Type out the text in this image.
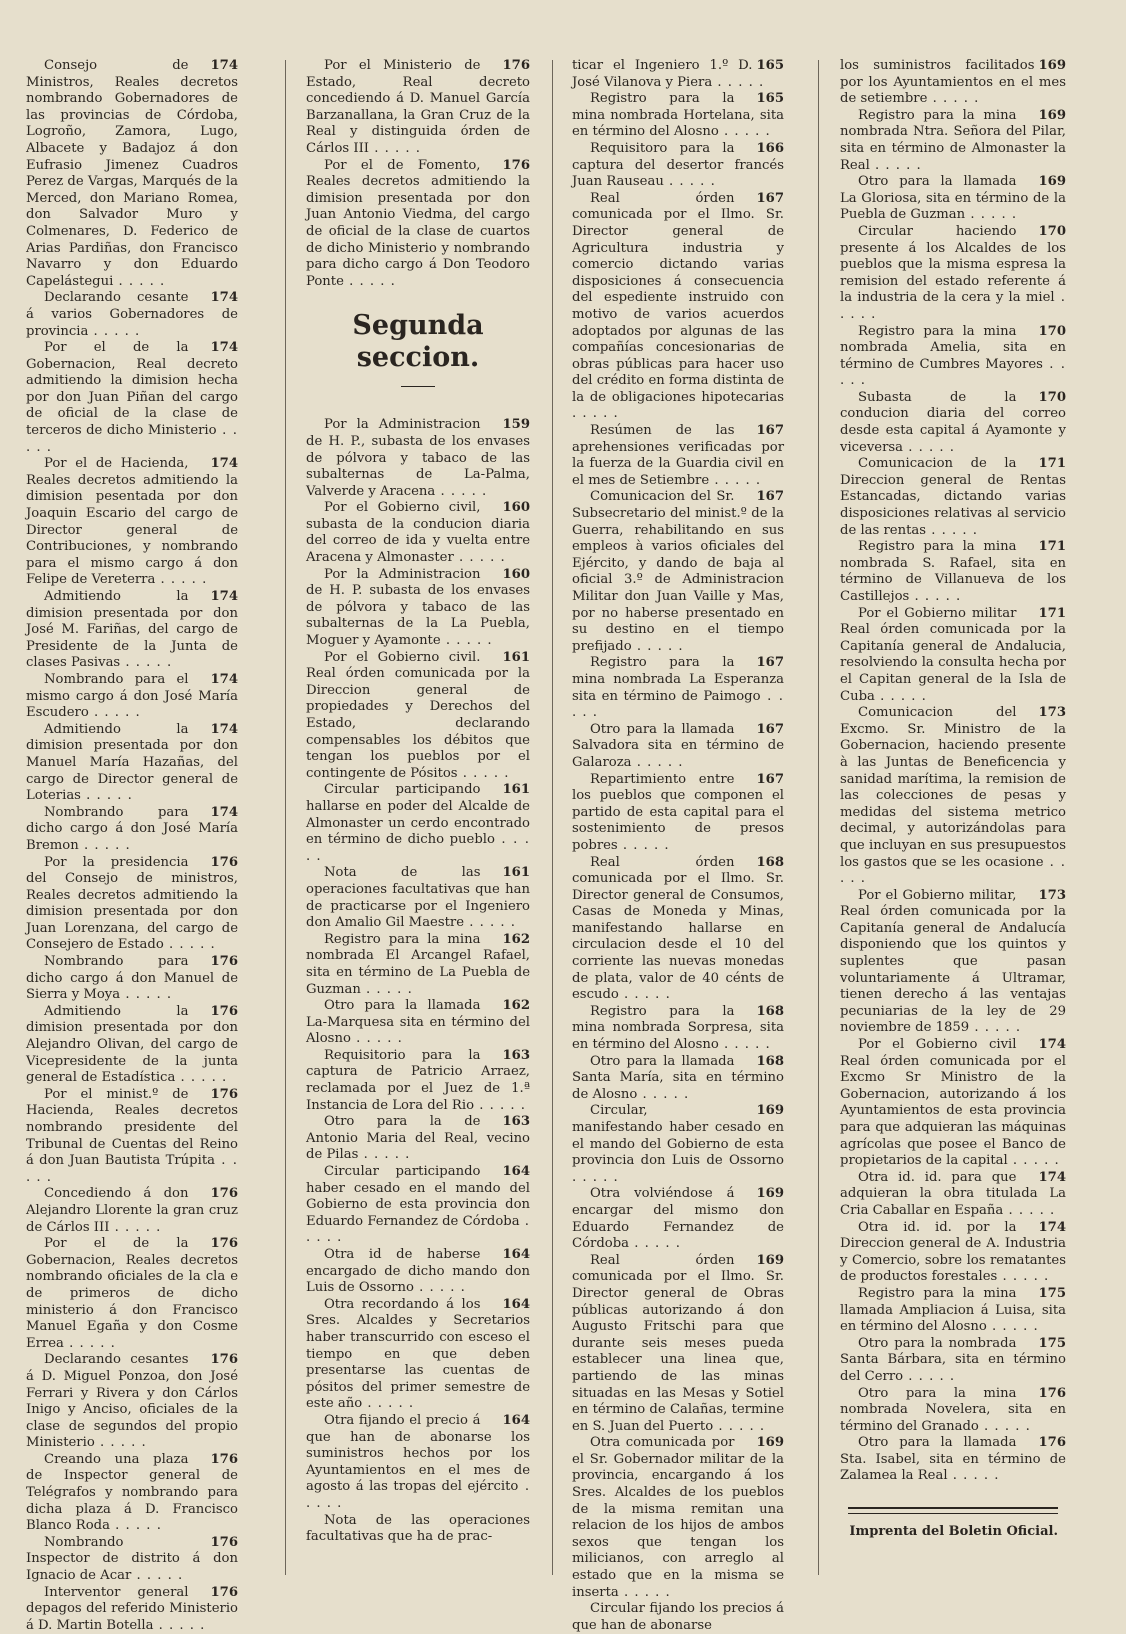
174
Consejo de Ministros, Reales decretos nombrando Gobernadores de las provincias de Córdoba, Logroño, Zamora, Lugo, Albacete y Badajoz á don Eufrasio Jimenez Cuadros Perez de Vargas, Marqués de la Merced, don Mariano Romea, don Salvador Muro y Colmenares, D. Federico de Arias Pardiñas, don Francisco Navarro y don Eduardo Capelástegui . . .

174
Declarando cesante á varios Gobernadores de provincia . . .

174
Por el de la Gobernacion, Real decreto admitiendo la dimision hecha por don Juan Piñan del cargo de oficial de la clase de terceros de dicho Ministerio . . .

174
Por el de Hacienda, Reales decretos admitiendo la dimision pesentada por don Joaquin Escario del cargo de Director general de Contribuciones, y nombrando para el mismo cargo á don Felipe de Vereterra . . .

174
Admitiendo la dimision presentada por don José M. Fariñas, del cargo de Presidente de la Junta de clases Pasivas . . .

174
Nombrando para el mismo cargo á don José María Escudero . . .

174
Admitiendo la dimision presentada por don Manuel María Hazañas, del cargo de Director general de Loterias . . .

174
Nombrando para dicho cargo á don José María Bremon . . .

176
Por la presidencia del Consejo de ministros, Reales decretos admitiendo la dimision presentada por don Juan Lorenzana, del cargo de Consejero de Estado . . .

176
Nombrando para dicho cargo á don Manuel de Sierra y Moya . . .

176
Admitiendo la dimision presentada por don Alejandro Olivan, del cargo de Vicepresidente de la junta general de Estadística . . .

176
Por el minist.º de Hacienda, Reales decretos nombrando presidente del Tribunal de Cuentas del Reino á don Juan Bautista Trúpita . . .

176
Concediendo á don Alejandro Llorente la gran cruz de Cárlos III . . .

176
Por el de la Gobernacion, Reales decretos nombrando oficiales de la cla e de primeros de dicho ministerio á don Francisco Manuel Egaña y don Cosme Errea . . .

176
Declarando cesantes á D. Miguel Ponzoa, don José Ferrari y Rivera y don Cárlos Inigo y Anciso, oficiales de la clase de segundos del propio Ministerio . . .

176
Creando una plaza de Inspector general de Telégrafos y nombrando para dicha plaza á D. Francisco Blanco Roda . . .

176
Nombrando Inspector de distrito á don Ignacio de Acar . . .

176
Interventor general depagos del referido Ministerio á D. Martin Botella . . .

176
Por el Ministerio de Estado, Real decreto concediendo á D. Manuel García Barzanallana, la Gran Cruz de la Real y distinguida órden de Cárlos III . . .

176
Por el de Fomento, Reales decretos admitiendo la dimision presentada por don Juan Antonio Viedma, del cargo de oficial de la clase de cuartos de dicho Ministerio y nombrando para dicho cargo á Don Teodoro Ponte . . .

Segunda seccion.

159
Por la Administracion de H. P., subasta de los envases de pólvora y tabaco de las subalternas de La-Palma, Valverde y Aracena . . .

160
Por el Gobierno civil, subasta de la conducion diaria del correo de ida y vuelta entre Aracena y Almonaster . . .

160
Por la Administracion de H. P. subasta de los envases de pólvora y tabaco de las subalternas de la La Puebla, Moguer y Ayamonte . . .

161
Por el Gobierno civil. Real órden comunicada por la Direccion general de propiedades y Derechos del Estado, declarando compensables los débitos que tengan los pueblos por el contingente de Pósitos . . .

161
Circular participando hallarse en poder del Alcalde de Almonaster un cerdo encontrado en término de dicho pueblo . . .

161
Nota de las operaciones facultativas que han de practicarse por el Ingeniero don Amalio Gil Maestre . . .

162
Registro para la mina nombrada El Arcangel Rafael, sita en término de La Puebla de Guzman . . .

162
Otro para la llamada La-Marquesa sita en término del Alosno . . .

163
Requisitorio para la captura de Patricio Arraez, reclamada por el Juez de 1.ª Instancia de Lora del Rio . . .

163
Otro para la de Antonio Maria del Real, vecino de Pilas . . .

164
Circular participando haber cesado en el mando del Gobierno de esta provincia don Eduardo Fernandez de Córdoba . . .

164
Otra id de haberse encargado de dicho mando don Luis de Ossorno . . .

164
Otra recordando á los Sres. Alcaldes y Secretarios haber transcurrido con esceso el tiempo en que deben presentarse las cuentas de pósitos del primer semestre de este año . . .

164
Otra fijando el precio á que han de abonarse los suministros hechos por los Ayuntamientos en el mes de agosto á las tropas del ejército . . .

Nota de las operaciones facultativas que ha de prac-

165
ticar el Ingeniero 1.º D. José Vilanova y Piera . . .

165
Registro para la mina nombrada Hortelana, sita en término del Alosno . . .

166
Requisitoro para la captura del desertor francés Juan Rauseau . . .

167
Real órden comunicada por el Ilmo. Sr. Director general de Agricultura industria y comercio dictando varias disposiciones á consecuencia del espediente instruido con motivo de varios acuerdos adoptados por algunas de las compañías concesionarias de obras públicas para hacer uso del crédito en forma distinta de la de obligaciones hipotecarias . . .

167
Resúmen de las aprehensiones verificadas por la fuerza de la Guardia civil en el mes de Setiembre . . .

167
Comunicacion del Sr. Subsecretario del minist.º de la Guerra, rehabilitando en sus empleos à varios oficiales del Ejército, y dando de baja al oficial 3.º de Administracion Militar don Juan Vaille y Mas, por no haberse presentado en su destino en el tiempo prefijado . . .

167
Registro para la mina nombrada La Esperanza sita en término de Paimogo . . .

167
Otro para la llamada Salvadora sita en término de Galaroza . . .

167
Repartimiento entre los pueblos que componen el partido de esta capital para el sostenimiento de presos pobres . . .

168
Real órden comunicada por el Ilmo. Sr. Director general de Consumos, Casas de Moneda y Minas, manifestando hallarse en circulacion desde el 10 del corriente las nuevas monedas de plata, valor de 40 cénts de escudo . . .

168
Registro para la mina nombrada Sorpresa, sita en término del Alosno . . .

168
Otro para la llamada Santa María, sita en término de Alosno . . .

169
Circular, manifestando haber cesado en el mando del Gobierno de esta provincia don Luis de Ossorno . . .

169
Otra volviéndose á encargar del mismo don Eduardo Fernandez de Córdoba . . .

169
Real órden comunicada por el Ilmo. Sr. Director general de Obras públicas autorizando á don Augusto Fritschi para que durante seis meses pueda establecer una linea que, partiendo de las minas situadas en las Mesas y Sotiel en término de Calañas, termine en S. Juan del Puerto . . .

169
Otra comunicada por el Sr. Gobernador militar de la provincia, encargando á los Sres. Alcaldes de los pueblos de la misma remitan una relacion de los hijos de ambos sexos que tengan los milicianos, con arreglo al estado que en la misma se inserta . . .

Circular fijando los precios á que han de abonarse

169
los suministros facilitados por los Ayuntamientos en el mes de setiembre . . .

169
Registro para la mina nombrada Ntra. Señora del Pilar, sita en término de Almonaster la Real . . .

169
Otro para la llamada La Gloriosa, sita en término de la Puebla de Guzman . . .

170
Circular haciendo presente á los Alcaldes de los pueblos que la misma espresa la remision del estado referente á la industria de la cera y la miel . . .

170
Registro para la mina nombrada Amelia, sita en término de Cumbres Mayores . . .

170
Subasta de la conducion diaria del correo desde esta capital á Ayamonte y viceversa . . .

171
Comunicacion de la Direccion general de Rentas Estancadas, dictando varias disposiciones relativas al servicio de las rentas . . .

171
Registro para la mina nombrada S. Rafael, sita en término de Villanueva de los Castillejos . . .

171
Por el Gobierno militar Real órden comunicada por la Capitanía general de Andalucia, resolviendo la consulta hecha por el Capitan general de la Isla de Cuba . . .

173
Comunicacion del Excmo. Sr. Ministro de la Gobernacion, haciendo presente à las Juntas de Beneficencia y sanidad marítima, la remision de las colecciones de pesas y medidas del sistema metrico decimal, y autorizándolas para que incluyan en sus presupuestos los gastos que se les ocasione . . .

173
Por el Gobierno militar, Real órden comunicada por la Capitanía general de Andalucía disponiendo que los quintos y suplentes que pasan voluntariamente á Ultramar, tienen derecho á las ventajas pecuniarias de la ley de 29 noviembre de 1859 . . .

174
Por el Gobierno civil Real órden comunicada por el Excmo Sr Ministro de la Gobernacion, autorizando á los Ayuntamientos de esta provincia para que adquieran las máquinas agrícolas que posee el Banco de propietarios de la capital . . .

174
Otra id. id. para que adquieran la obra titulada La Cria Caballar en España . . .

174
Otra id. id. por la Direccion general de A. Industria y Comercio, sobre los rematantes de productos forestales . . .

175
Registro para la mina llamada Ampliacion á Luisa, sita en término del Alosno . . .

175
Otro para la nombrada Santa Bárbara, sita en término del Cerro . . .

176
Otro para la mina nombrada Novelera, sita en término del Granado . . .

176
Otro para la llamada Sta. Isabel, sita en término de Zalamea la Real . . .

Imprenta del Boletin Oficial.
